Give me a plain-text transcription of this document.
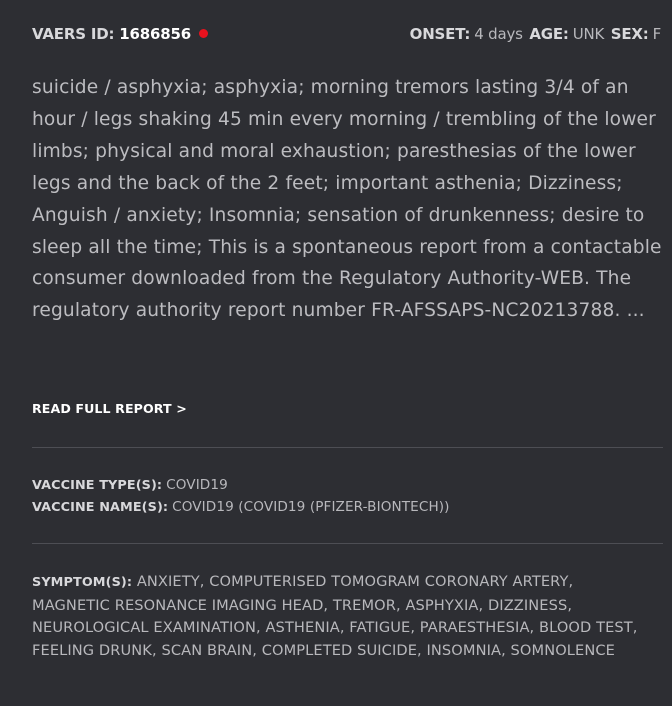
VAERS ID: 1686856	ONSET: 4 days AGE: UNK SEX: F

suicide / asphyxia; asphyxia; morning tremors lasting 3/4 of an hour / legs shaking 45 min every morning / trembling of the lower limbs; physical and moral exhaustion; paresthesias of the lower legs and the back of the 2 feet; important asthenia; Dizziness; Anguish / anxiety; Insomnia; sensation of drunkenness; desire to sleep all the time; This is a spontaneous report from a contactable consumer downloaded from the Regulatory Authority-WEB. The regulatory authority report number FR-AFSSAPS-NC20213788. ...

READ FULL REPORT >
VACCINE TYPE(S): COVID19
VACCINE NAME(S): COVID19 (COVID19 (PFIZER-BIONTECH))

SYMPTOM(S): ANXIETY, COMPUTERISED TOMOGRAM CORONARY ARTERY, MAGNETIC RESONANCE IMAGING HEAD, TREMOR, ASPHYXIA, DIZZINESS, NEUROLOGICAL EXAMINATION, ASTHENIA, FATIGUE, PARAESTHESIA, BLOOD TEST, FEELING DRUNK, SCAN BRAIN, COMPLETED SUICIDE, INSOMNIA, SOMNOLENCE
